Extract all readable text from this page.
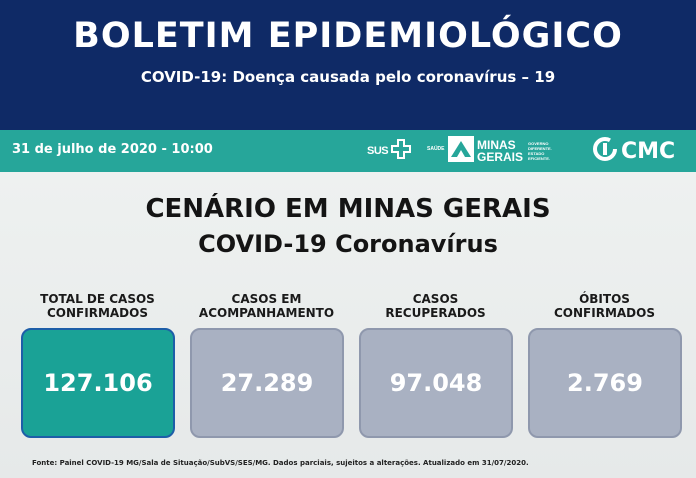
BOLETIM EPIDEMIOLÓGICO
COVID-19: Doença causada pelo coronavírus – 19
31 de julho de 2020 - 10:00	SUS	SAÚDE	MINAS
GERAIS
GOVERNO
DIFERENTE.
ESTADO
EFICIENTE.	CMC
CENÁRIO EM MINAS GERAIS
COVID-19 Coronavírus
TOTAL DE CASOS
CONFIRMADOS
CASOS EM
ACOMPANHAMENTO
CASOS
RECUPERADOS
ÓBITOS
CONFIRMADOS
127.106	27.289	97.048	2.769
Fonte: Painel COVID-19 MG/Sala de Situação/SubVS/SES/MG. Dados parciais, sujeitos a alterações. Atualizado em 31/07/2020.
